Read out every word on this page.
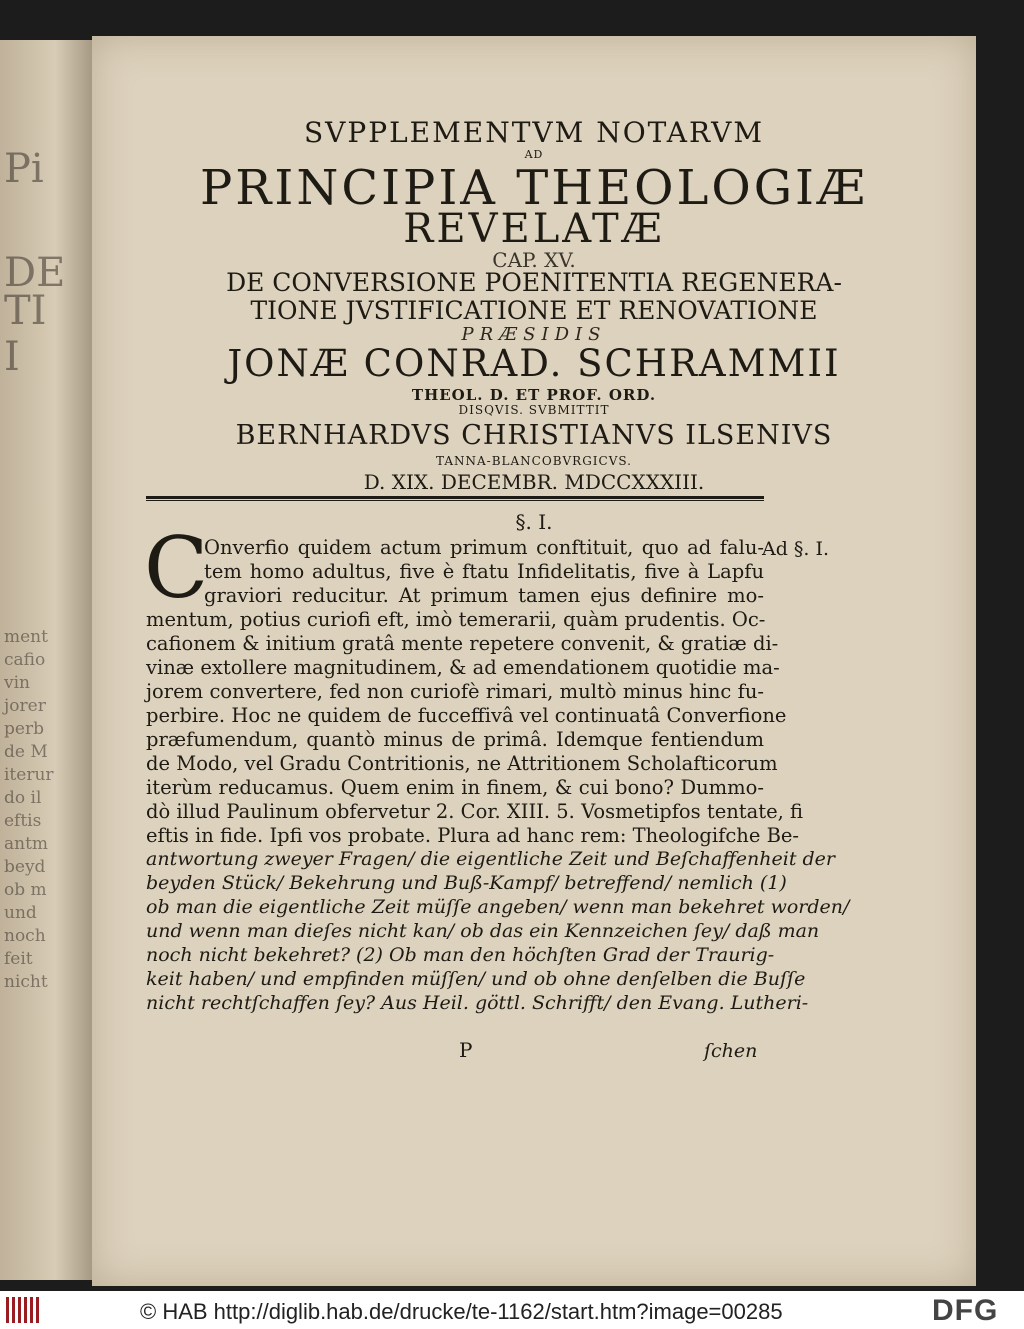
Pi
DE
TI
I
ment
cafio
vin
jorer
perb
de M
iterur
do il
eftis
antm
beyd
ob m
und
noch
feit
nicht
SVPPLEMENTVM NOTARVM
AD
PRINCIPIA THEOLOGIÆ
REVELATÆ
CAP. XV.
DE CONVERSIONE POENITENTIA REGENERA-
TIONE JVSTIFICATIONE ET RENOVATIONE
PRÆSIDIS
JONÆ CONRAD. SCHRAMMII
THEOL. D. ET PROF. ORD.
DISQVIS. SVBMITTIT
BERNHARDVS CHRISTIANVS ILSENIVS
TANNA-BLANCOBVRGICVS.
D. XIX. DECEMBR. MDCCXXXIII.
§. I.
C	Ad §. I.
Onverfio quidem actum primum conftituit, quo ad falu-
tem homo adultus, five è ftatu Infidelitatis, five à Lapfu
graviori reducitur. At primum tamen ejus definire mo-
mentum, potius curiofi eft, imò temerarii, quàm prudentis. Oc-
cafionem & initium gratâ mente repetere convenit, & gratiæ di-
vinæ extollere magnitudinem, & ad emendationem quotidie ma-
jorem convertere, fed non curiofè rimari, multò minus hinc fu-
perbire. Hoc ne quidem de fucceffivâ vel continuatâ Converfione
præfumendum, quantò minus de primâ. Idemque fentiendum
de Modo, vel Gradu Contritionis, ne Attritionem Scholafticorum
iterùm reducamus. Quem enim in finem, & cui bono? Dummo-
dò illud Paulinum obfervetur 2. Cor. XIII. 5. Vosmetipfos tentate, fi
eftis in fide. Ipfi vos probate. Plura ad hanc rem: Theologifche Be-
antwortung zweyer Fragen/ die eigentliche Zeit und Beſchaffenheit der
beyden Stück/ Bekehrung und Buß-Kampf/ betreffend/ nemlich (1)
ob man die eigentliche Zeit müſſe angeben/ wenn man bekehret worden/
und wenn man dieſes nicht kan/ ob das ein Kennzeichen ſey/ daß man
noch nicht bekehret? (2) Ob man den höchſten Grad der Traurig-
keit haben/ und empfinden müſſen/ und ob ohne denſelben die Buſſe
nicht rechtſchaffen ſey? Aus Heil. göttl. Schrifft/ den Evang. Lutheri-
P	ſchen
© HAB http://diglib.hab.de/drucke/te-1162/start.htm?image=00285	DFG
